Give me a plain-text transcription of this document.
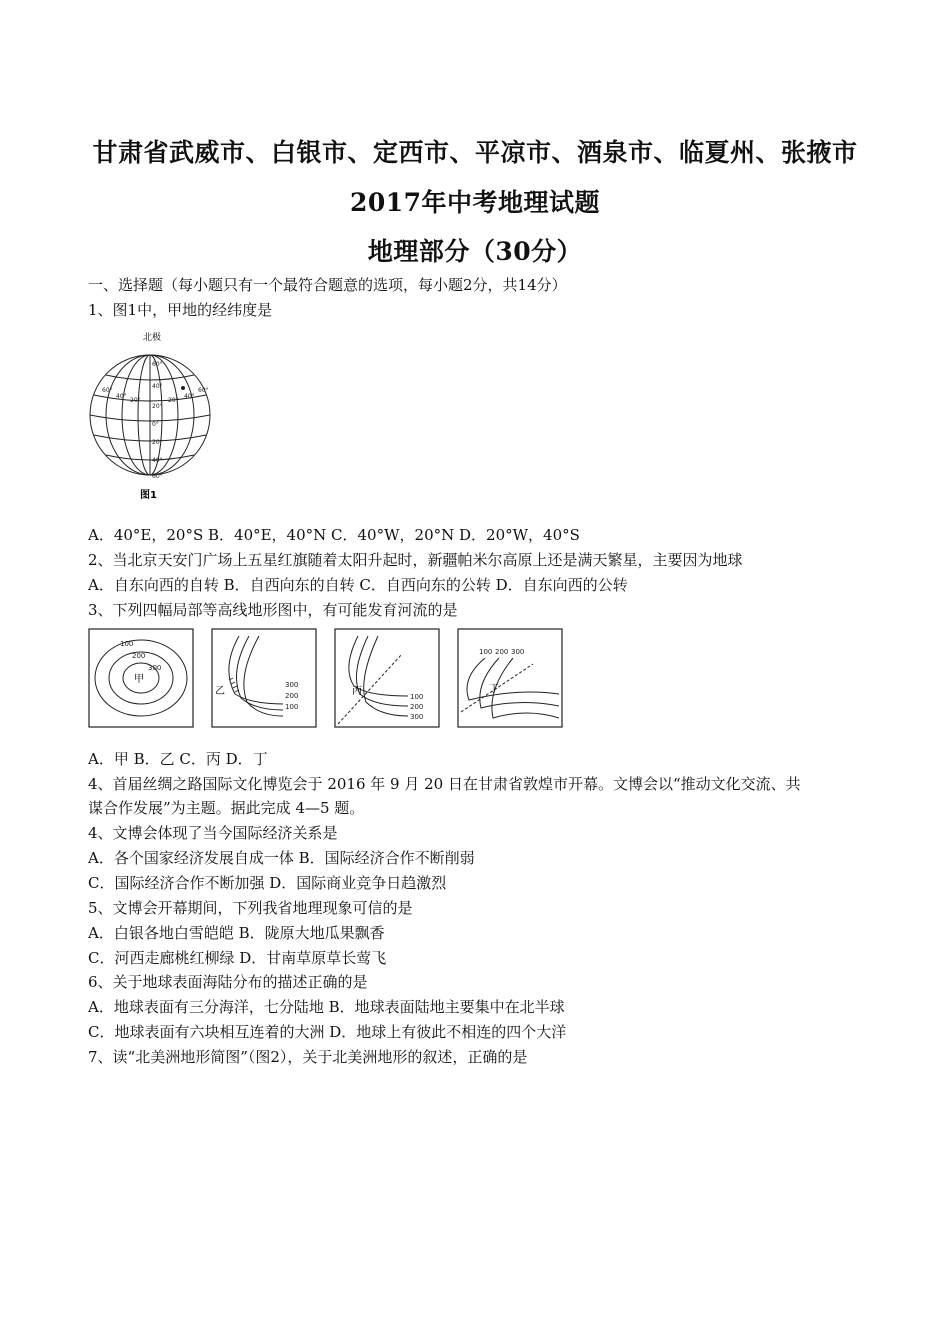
甘肃省武威市、白银市、定西市、平凉市、酒泉市、临夏州、张掖市
2017年中考地理试题
地理部分（30分）
一、选择题（每小题只有一个最符合题意的选项，每小题2分，共14分）
1、图1中，甲地的经纬度是
北极
60°
40°
20°
0°
20°
40°
60°
60°
40°
20°	20°
40°
60°
图1
A．40°E，20°S B．40°E，40°N C．40°W，20°N D．20°W，40°S
2、当北京天安门广场上五星红旗随着太阳升起时，新疆帕米尔高原上还是满天繁星，主要因为地球
A．自东向西的自转 B．自西向东的自转 C．自西向东的公转 D．自东向西的公转
3、下列四幅局部等高线地形图中，有可能发育河流的是
100
200
300
甲
乙
300
200
100
丙	100
200
300
丁
100 200 300
A．甲 B．乙 C．丙 D．丁
4、首届丝绸之路国际文化博览会于 2016 年 9 月 20 日在甘肃省敦煌市开幕。文博会以“推动文化交流、共
谋合作发展”为主题。据此完成 4—5 题。
4、文博会体现了当今国际经济关系是
A．各个国家经济发展自成一体 B．国际经济合作不断削弱
C．国际经济合作不断加强 D．国际商业竞争日趋激烈
5、文博会开幕期间，下列我省地理现象可信的是
A．白银各地白雪皑皑 B．陇原大地瓜果飘香
C．河西走廊桃红柳绿 D．甘南草原草长莺飞
6、关于地球表面海陆分布的描述正确的是
A．地球表面有三分海洋，七分陆地 B．地球表面陆地主要集中在北半球
C．地球表面有六块相互连着的大洲 D．地球上有彼此不相连的四个大洋
7、读“北美洲地形简图”（图2），关于北美洲地形的叙述，正确的是
